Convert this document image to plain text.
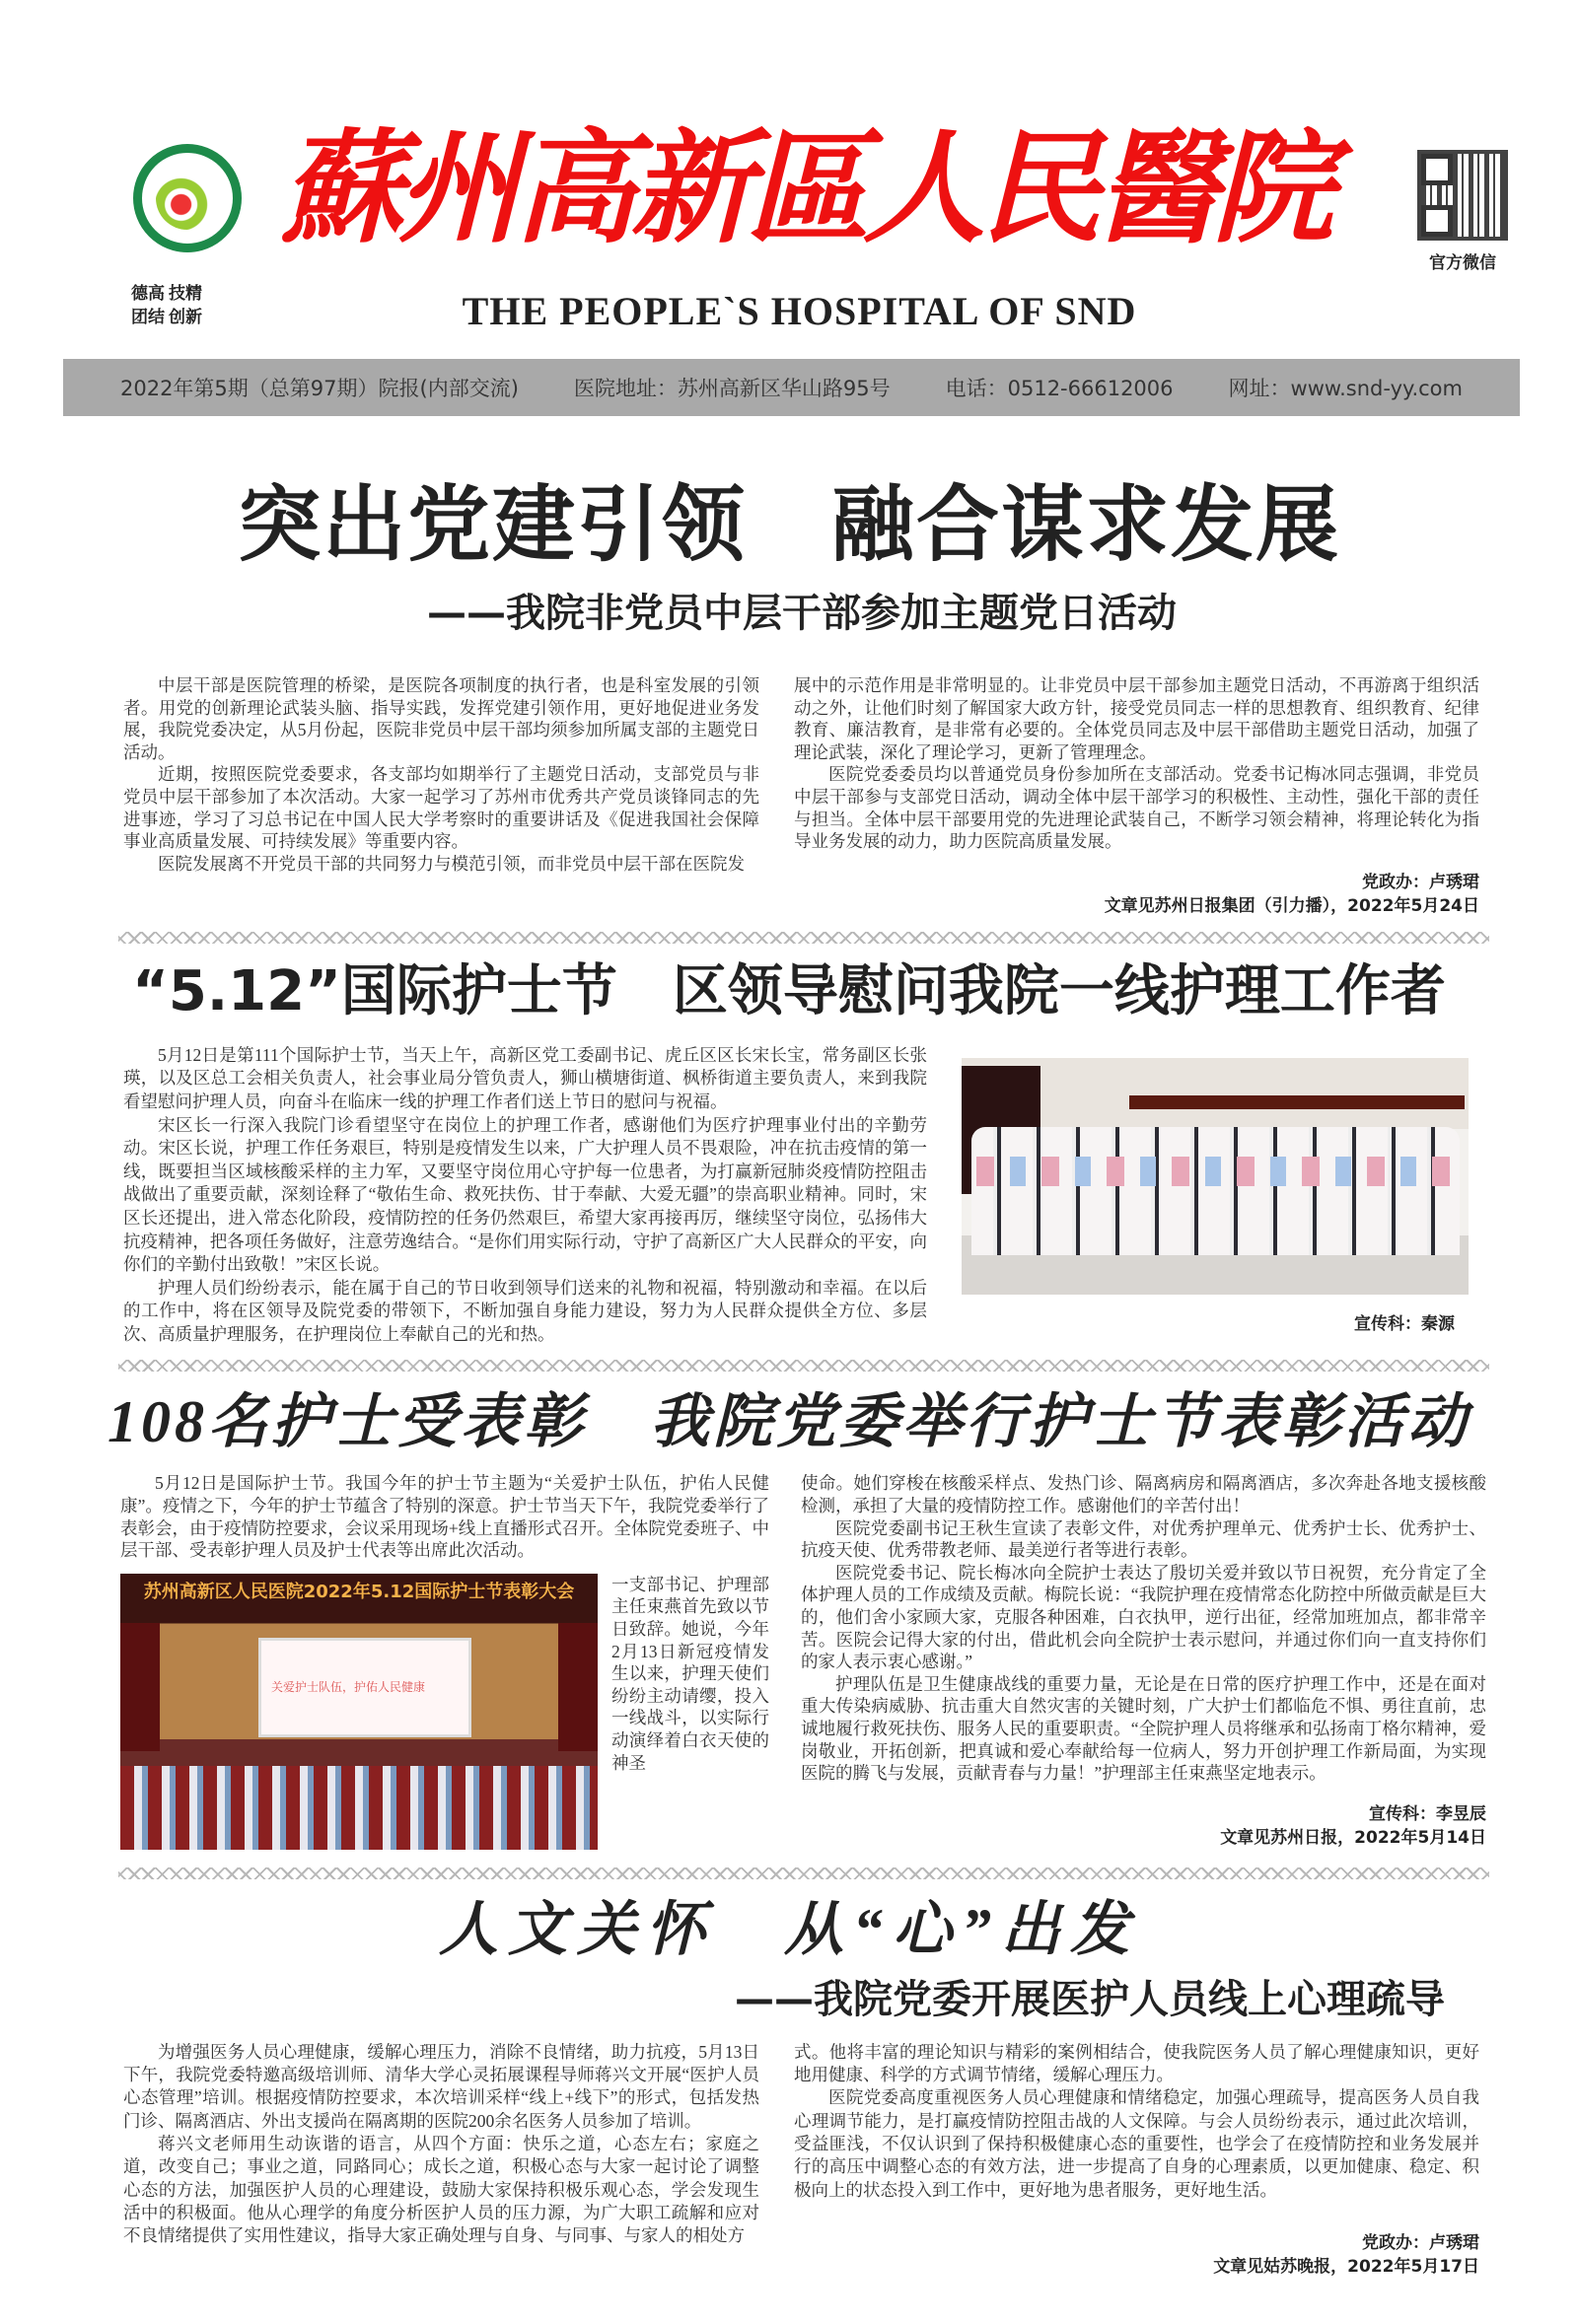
蘇州高新區人民醫院
官方微信
德高 技精
团结 创新	THE PEOPLE`S HOSPITAL OF SND
2022年第5期（总第97期）院报(内部交流)	医院地址：苏州高新区华山路95号	电话：0512-66612006	网址：www.snd-yy.com
突出党建引领　融合谋求发展
——我院非党员中层干部参加主题党日活动

中层干部是医院管理的桥梁，是医院各项制度的执行者，也是科室发展的引领者。用党的创新理论武装头脑、指导实践，发挥党建引领作用，更好地促进业务发展，我院党委决定，从5月份起，医院非党员中层干部均须参加所属支部的主题党日活动。

近期，按照医院党委要求，各支部均如期举行了主题党日活动，支部党员与非党员中层干部参加了本次活动。大家一起学习了苏州市优秀共产党员谈锋同志的先进事迹，学习了习总书记在中国人民大学考察时的重要讲话及《促进我国社会保障事业高质量发展、可持续发展》等重要内容。

医院发展离不开党员干部的共同努力与模范引领，而非党员中层干部在医院发

展中的示范作用是非常明显的。让非党员中层干部参加主题党日活动，不再游离于组织活动之外，让他们时刻了解国家大政方针，接受党员同志一样的思想教育、组织教育、纪律教育、廉洁教育，是非常有必要的。全体党员同志及中层干部借助主题党日活动，加强了理论武装，深化了理论学习，更新了管理理念。

医院党委委员均以普通党员身份参加所在支部活动。党委书记梅冰同志强调，非党员中层干部参与支部党日活动，调动全体中层干部学习的积极性、主动性，强化干部的责任与担当。全体中层干部要用党的先进理论武装自己，不断学习领会精神，将理论转化为指导业务发展的动力，助力医院高质量发展。

党政办：卢琇珺
文章见苏州日报集团（引力播），2022年5月24日
“5.12”国际护士节　区领导慰问我院一线护理工作者

5月12日是第111个国际护士节，当天上午，高新区党工委副书记、虎丘区区长宋长宝，常务副区长张瑛，以及区总工会相关负责人，社会事业局分管负责人，狮山横塘街道、枫桥街道主要负责人，来到我院看望慰问护理人员，向奋斗在临床一线的护理工作者们送上节日的慰问与祝福。

宋区长一行深入我院门诊看望坚守在岗位上的护理工作者，感谢他们为医疗护理事业付出的辛勤劳动。宋区长说，护理工作任务艰巨，特别是疫情发生以来，广大护理人员不畏艰险，冲在抗击疫情的第一线，既要担当区域核酸采样的主力军，又要坚守岗位用心守护每一位患者，为打赢新冠肺炎疫情防控阻击战做出了重要贡献，深刻诠释了“敬佑生命、救死扶伤、甘于奉献、大爱无疆”的崇高职业精神。同时，宋区长还提出，进入常态化阶段，疫情防控的任务仍然艰巨，希望大家再接再厉，继续坚守岗位，弘扬伟大抗疫精神，把各项任务做好，注意劳逸结合。“是你们用实际行动，守护了高新区广大人民群众的平安，向你们的辛勤付出致敬！”宋区长说。

护理人员们纷纷表示，能在属于自己的节日收到领导们送来的礼物和祝福，特别激动和幸福。在以后的工作中，将在区领导及院党委的带领下，不断加强自身能力建设，努力为人民群众提供全方位、多层次、高质量护理服务，在护理岗位上奉献自己的光和热。

宣传科：秦源
108名护士受表彰　我院党委举行护士节表彰活动

5月12日是国际护士节。我国今年的护士节主题为“关爱护士队伍，护佑人民健康”。疫情之下，今年的护士节蕴含了特别的深意。护士节当天下午，我院党委举行了表彰会，由于疫情防控要求，会议采用现场+线上直播形式召开。全体院党委班子、中层干部、受表彰护理人员及护士代表等出席此次活动。

苏州高新区人民医院2022年5.12国际护士节表彰大会
关爱护士队伍，护佑人民健康

一支部书记、护理部主任束燕首先致以节日致辞。她说，今年2月13日新冠疫情发生以来，护理天使们纷纷主动请缨，投入一线战斗，以实际行动演绎着白衣天使的神圣

使命。她们穿梭在核酸采样点、发热门诊、隔离病房和隔离酒店，多次奔赴各地支援核酸检测，承担了大量的疫情防控工作。感谢他们的辛苦付出！

医院党委副书记王秋生宣读了表彰文件，对优秀护理单元、优秀护士长、优秀护士、抗疫天使、优秀带教老师、最美逆行者等进行表彰。

医院党委书记、院长梅冰向全院护士表达了殷切关爱并致以节日祝贺，充分肯定了全体护理人员的工作成绩及贡献。梅院长说：“我院护理在疫情常态化防控中所做贡献是巨大的，他们舍小家顾大家，克服各种困难，白衣执甲，逆行出征，经常加班加点，都非常辛苦。医院会记得大家的付出，借此机会向全院护士表示慰问，并通过你们向一直支持你们的家人表示衷心感谢。”

护理队伍是卫生健康战线的重要力量，无论是在日常的医疗护理工作中，还是在面对重大传染病威胁、抗击重大自然灾害的关键时刻，广大护士们都临危不惧、勇往直前，忠诚地履行救死扶伤、服务人民的重要职责。“全院护理人员将继承和弘扬南丁格尔精神，爱岗敬业，开拓创新，把真诚和爱心奉献给每一位病人，努力开创护理工作新局面，为实现医院的腾飞与发展，贡献青春与力量！”护理部主任束燕坚定地表示。

宣传科：李昱辰
文章见苏州日报，2022年5月14日
人文关怀　从“心”出发
——我院党委开展医护人员线上心理疏导

为增强医务人员心理健康，缓解心理压力，消除不良情绪，助力抗疫，5月13日下午，我院党委特邀高级培训师、清华大学心灵拓展课程导师蒋兴文开展“医护人员心态管理”培训。根据疫情防控要求，本次培训采样“线上+线下”的形式，包括发热门诊、隔离酒店、外出支援尚在隔离期的医院200余名医务人员参加了培训。

蒋兴文老师用生动诙谐的语言，从四个方面：快乐之道，心态左右；家庭之道，改变自己；事业之道，同路同心；成长之道，积极心态与大家一起讨论了调整心态的方法，加强医护人员的心理建设，鼓励大家保持积极乐观心态，学会发现生活中的积极面。他从心理学的角度分析医护人员的压力源，为广大职工疏解和应对不良情绪提供了实用性建议，指导大家正确处理与自身、与同事、与家人的相处方

式。他将丰富的理论知识与精彩的案例相结合，使我院医务人员了解心理健康知识，更好地用健康、科学的方式调节情绪，缓解心理压力。

医院党委高度重视医务人员心理健康和情绪稳定，加强心理疏导，提高医务人员自我心理调节能力，是打赢疫情防控阻击战的人文保障。与会人员纷纷表示，通过此次培训，受益匪浅，不仅认识到了保持积极健康心态的重要性，也学会了在疫情防控和业务发展并行的高压中调整心态的有效方法，进一步提高了自身的心理素质，以更加健康、稳定、积极向上的状态投入到工作中，更好地为患者服务，更好地生活。

党政办：卢琇珺
文章见姑苏晚报，2022年5月17日
